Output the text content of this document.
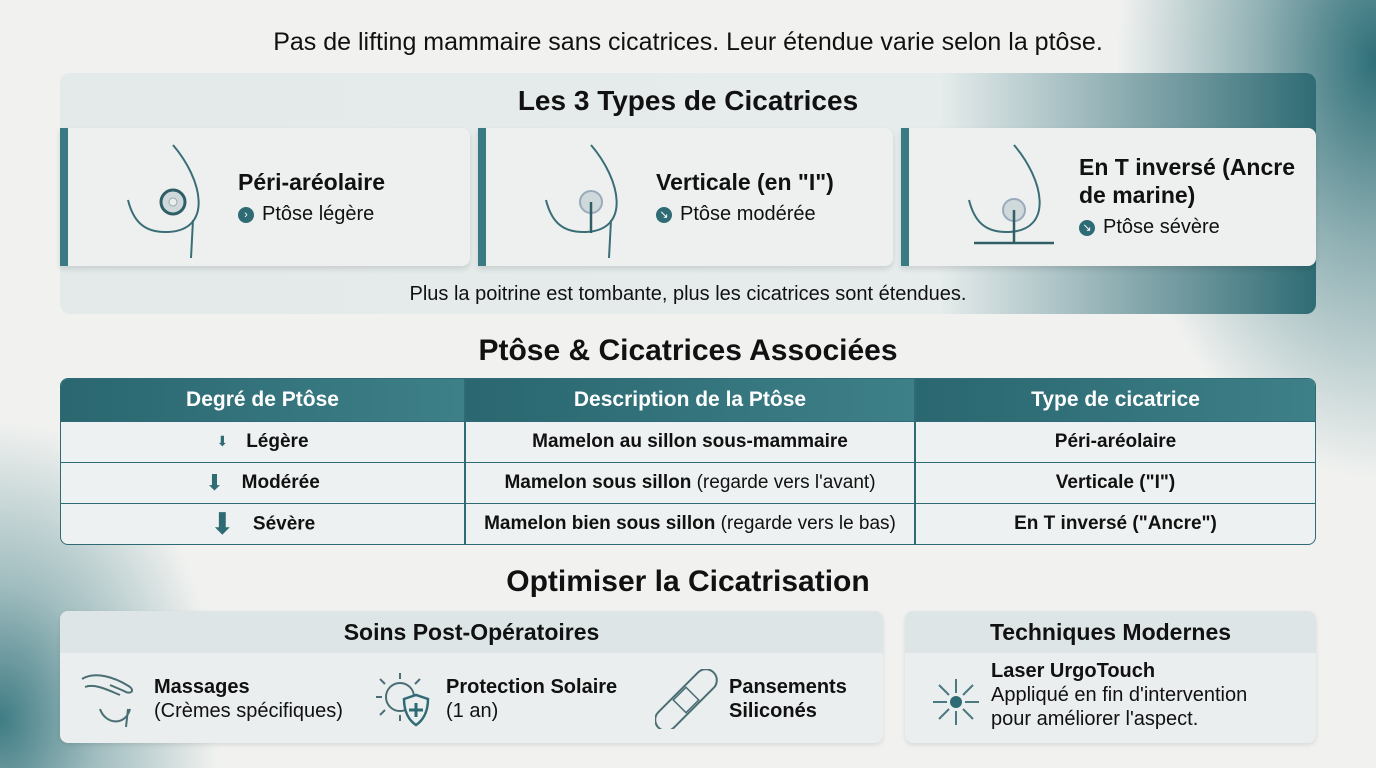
Pas de lifting mammaire sans cicatrices. Leur étendue varie selon la ptôse.
Les 3 Types de Cicatrices
Péri-aréolaire
› Ptôse légère
Verticale (en "I")
↘ Ptôse modérée
En T inversé (Ancre de marine)
↘ Ptôse sévère
Plus la poitrine est tombante, plus les cicatrices sont étendues.
Ptôse & Cicatrices Associées
Degré de Ptôse	Description de la Ptôse	Type de cicatrice
⬇ Légère	Mamelon au sillon sous-mammaire	Péri-aréolaire
⬇ Modérée	Mamelon sous sillon (regarde vers l'avant)	Verticale ("I")
⬇ Sévère	Mamelon bien sous sillon (regarde vers le bas)	En T inversé ("Ancre")
Optimiser la Cicatrisation
Soins Post-Opératoires
Massages
(Crèmes spécifiques)
Protection Solaire
(1 an)
Pansements
Siliconés
Techniques Modernes
Laser UrgoTouch
Appliqué en fin d'intervention pour améliorer l'aspect.
